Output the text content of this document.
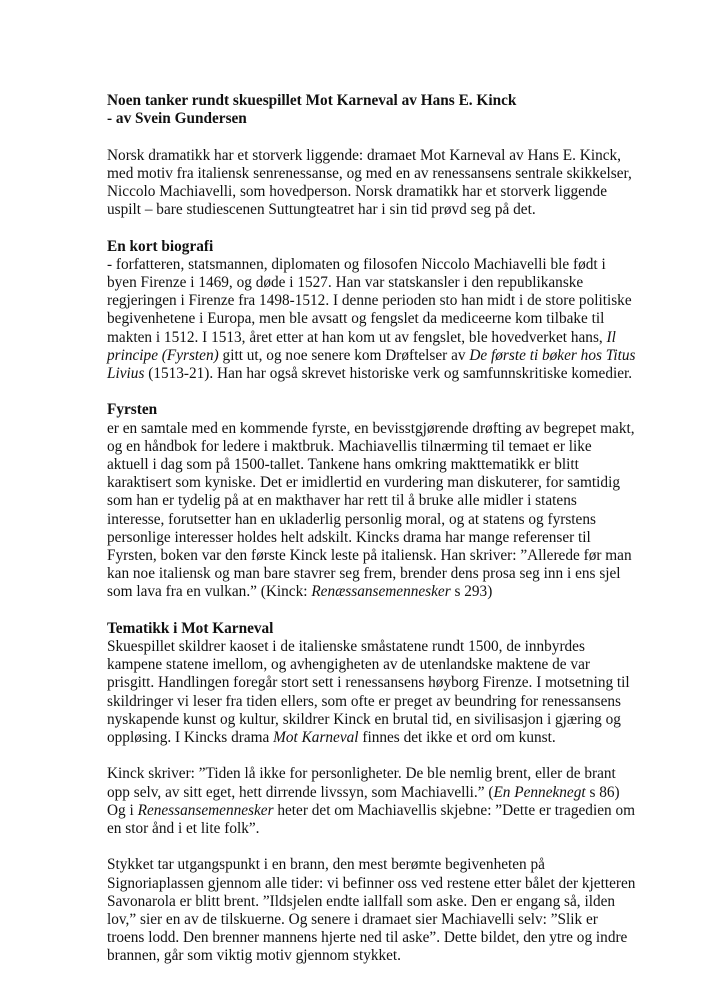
Noen tanker rundt skuespillet Mot Karneval av Hans E. Kinck
- av Svein Gundersen

Norsk dramatikk har et storverk liggende: dramaet Mot Karneval av Hans E. Kinck, med motiv fra italiensk senrenessanse, og med en av renessansens sentrale skikkelser, Niccolo Machiavelli, som hovedperson. Norsk dramatikk har et storverk liggende uspilt – bare studiescenen Suttungteatret har i sin tid prøvd seg på det.

En kort biografi

- forfatteren, statsmannen, diplomaten og filosofen Niccolo Machiavelli ble født i byen Firenze i 1469, og døde i 1527. Han var statskansler i den republikanske regjeringen i Firenze fra 1498-1512. I denne perioden sto han midt i de store politiske begivenhetene i Europa, men ble avsatt og fengslet da mediceerne kom tilbake til makten i 1512. I 1513, året etter at han kom ut av fengslet, ble hovedverket hans, Il principe (Fyrsten) gitt ut, og noe senere kom Drøftelser av De første ti bøker hos Titus Livius (1513-21). Han har også skrevet historiske verk og samfunnskritiske komedier.

Fyrsten

er en samtale med en kommende fyrste, en bevisstgjørende drøfting av begrepet makt, og en håndbok for ledere i maktbruk. Machiavellis tilnærming til temaet er like aktuell i dag som på 1500-tallet. Tankene hans omkring makttematikk er blitt karaktisert som kyniske. Det er imidlertid en vurdering man diskuterer, for samtidig som han er tydelig på at en makthaver har rett til å bruke alle midler i statens interesse, forutsetter han en ukladerlig personlig moral, og at statens og fyrstens personlige interesser holdes helt adskilt. Kincks drama har mange referenser til Fyrsten, boken var den første Kinck leste på italiensk. Han skriver: ”Allerede før man kan noe italiensk og man bare stavrer seg frem, brender dens prosa seg inn i ens sjel som lava fra en vulkan.” (Kinck: Renæssansemennesker s 293)

Tematikk i Mot Karneval

Skuespillet skildrer kaoset i de italienske småstatene rundt 1500, de innbyrdes kampene statene imellom, og avhengigheten av de utenlandske maktene de var prisgitt. Handlingen foregår stort sett i renessansens høyborg Firenze. I motsetning til skildringer vi leser fra tiden ellers, som ofte er preget av beundring for renessansens nyskapende kunst og kultur, skildrer Kinck en brutal tid, en sivilisasjon i gjæring og oppløsing. I Kincks drama Mot Karneval finnes det ikke et ord om kunst.

Kinck skriver: ”Tiden lå ikke for personligheter. De ble nemlig brent, eller de brant opp selv, av sitt eget, hett dirrende livssyn, som Machiavelli.” (En Penneknegt s 86) Og i Renessansemennesker heter det om Machiavellis skjebne: ”Dette er tragedien om en stor ånd i et lite folk”.

Stykket tar utgangspunkt i en brann, den mest berømte begivenheten på Signoriaplassen gjennom alle tider: vi befinner oss ved restene etter bålet der kjetteren Savonarola er blitt brent. ”Ildsjelen endte iallfall som aske. Den er engang så, ilden lov,” sier en av de tilskuerne. Og senere i dramaet sier Machiavelli selv: ”Slik er troens lodd. Den brenner mannens hjerte ned til aske”. Dette bildet, den ytre og indre brannen, går som viktig motiv gjennom stykket.
